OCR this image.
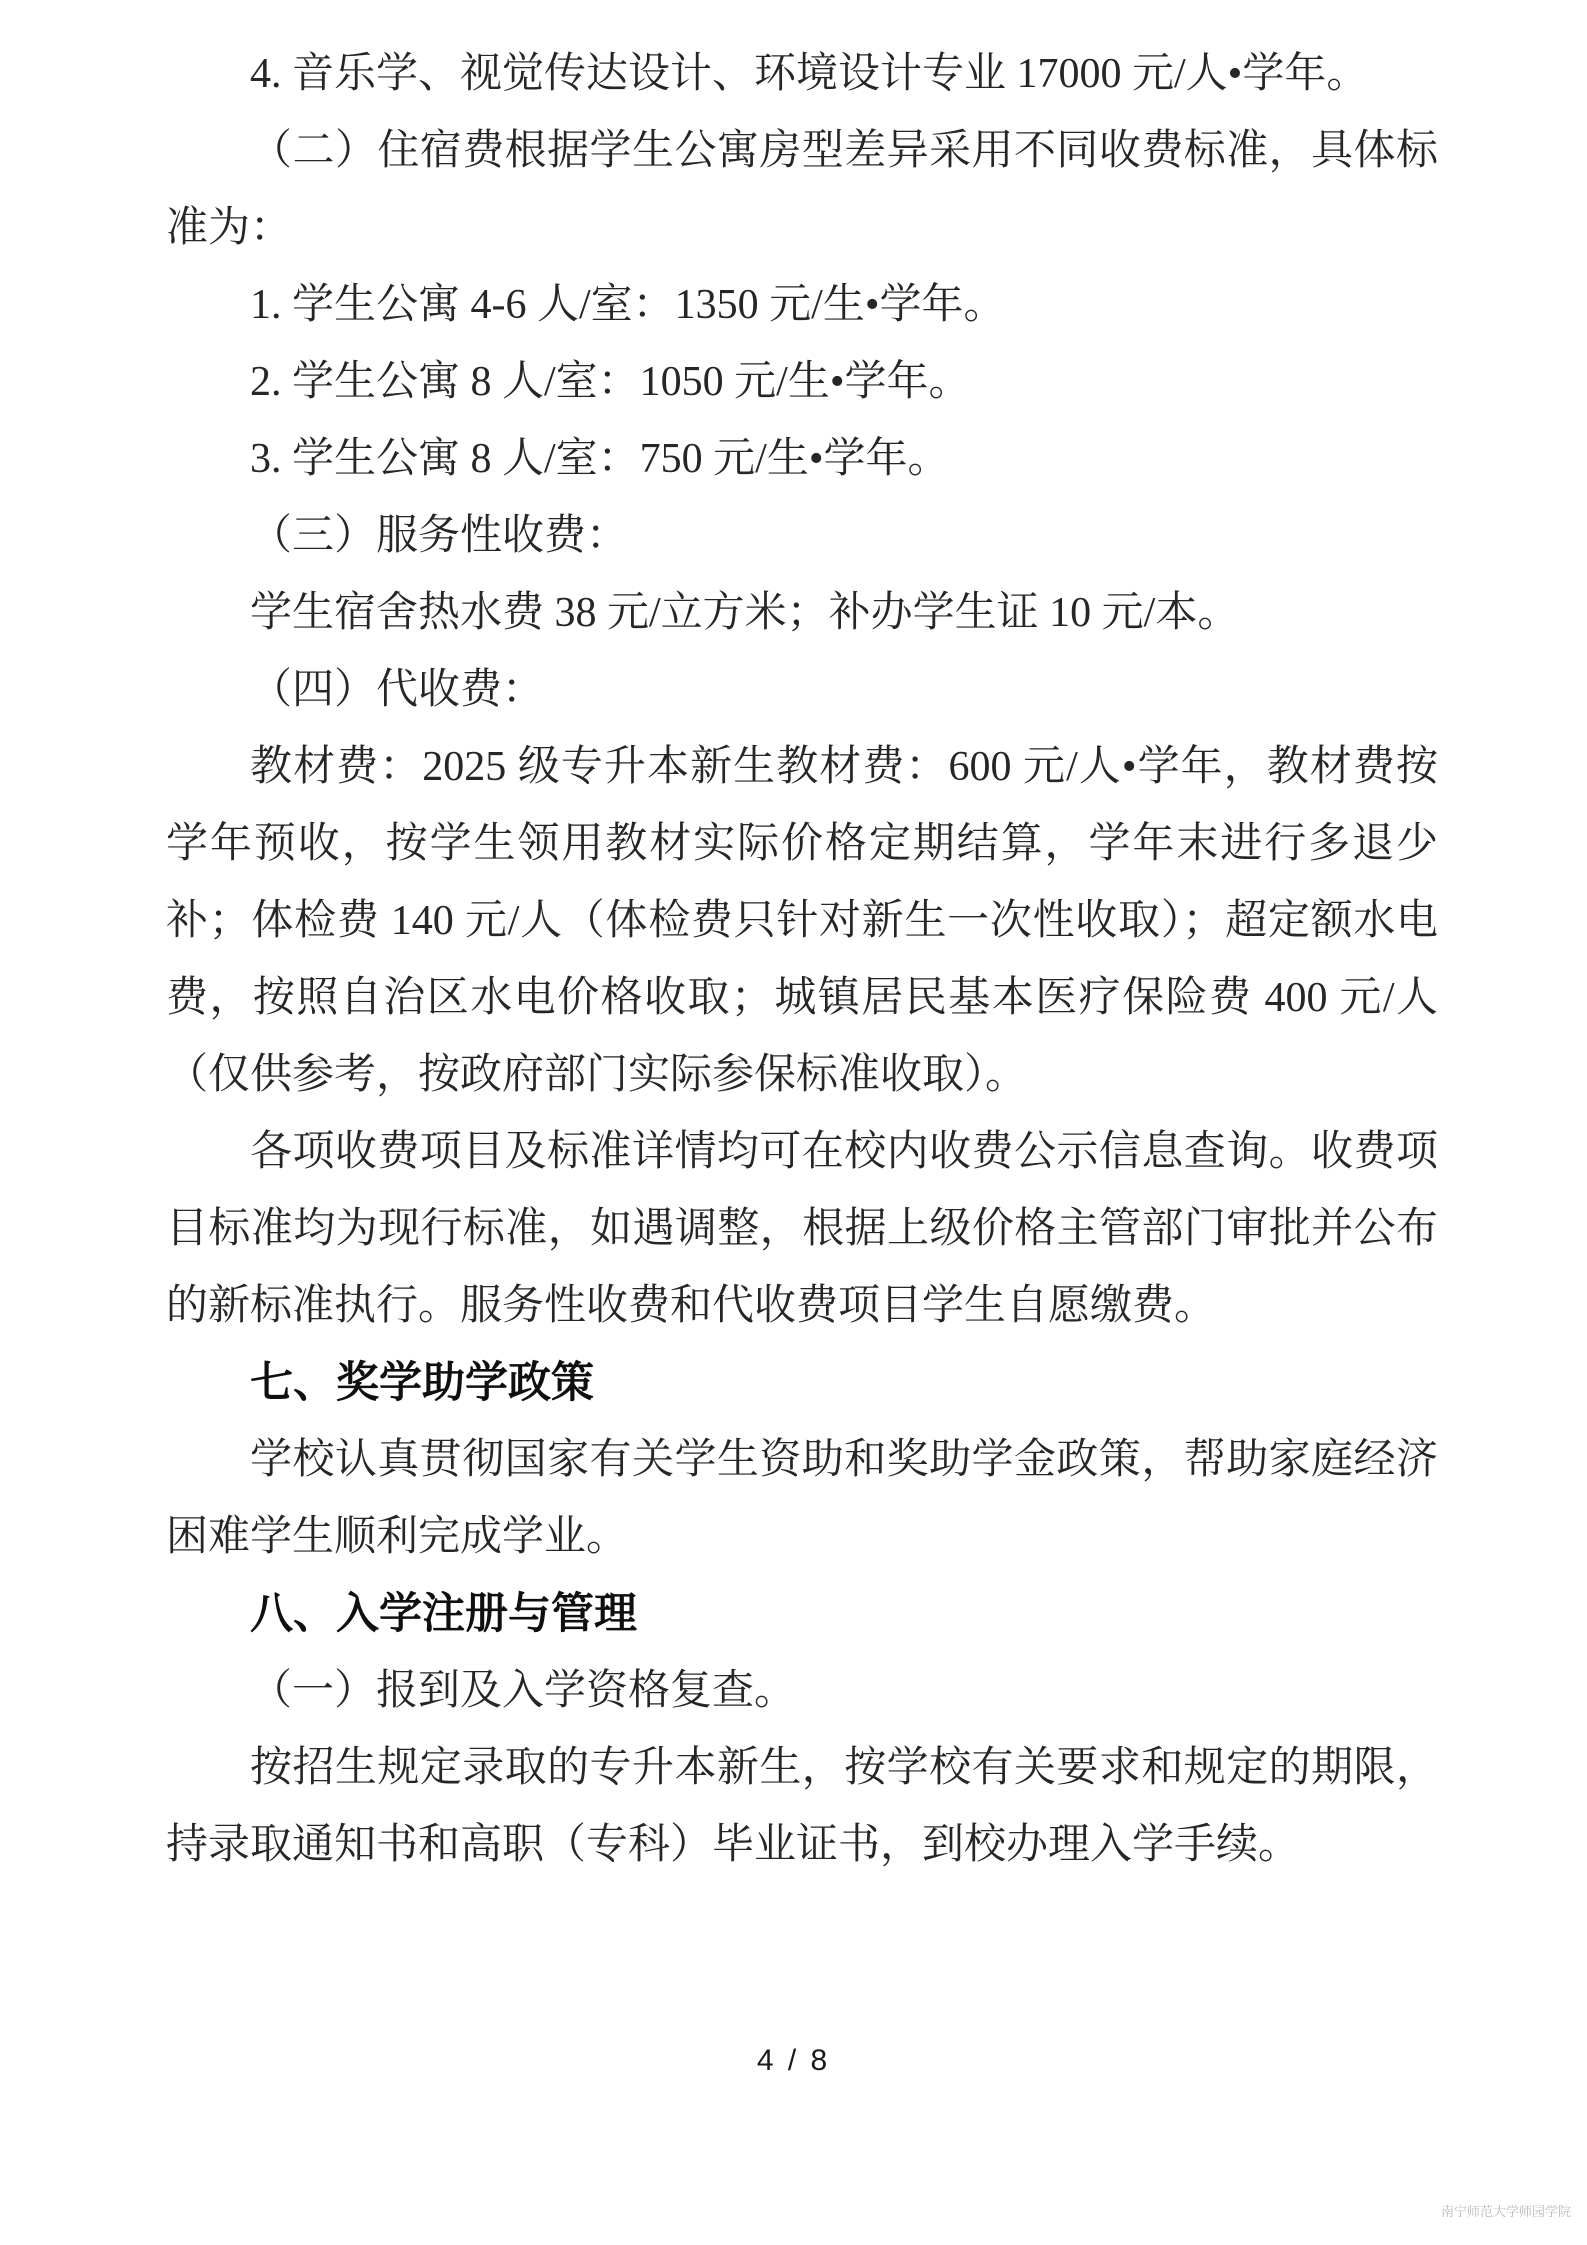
4. 音乐学、视觉传达设计、环境设计专业 17000 元/人•学年。

（二）住宿费根据学生公寓房型差异采用不同收费标准，具体标准为：

1. 学生公寓 4-6 人/室：1350 元/生•学年。

2. 学生公寓 8 人/室：1050 元/生•学年。

3. 学生公寓 8 人/室：750 元/生•学年。

（三）服务性收费：

学生宿舍热水费 38 元/立方米；补办学生证 10 元/本。

（四）代收费：

教材费：2025 级专升本新生教材费：600 元/人•学年，教材费按学年预收，按学生领用教材实际价格定期结算，学年末进行多退少补；体检费 140 元/人（体检费只针对新生一次性收取）；超定额水电费，按照自治区水电价格收取；城镇居民基本医疗保险费 400 元/人（仅供参考，按政府部门实际参保标准收取）。

各项收费项目及标准详情均可在校内收费公示信息查询。收费项目标准均为现行标准，如遇调整，根据上级价格主管部门审批并公布的新标准执行。服务性收费和代收费项目学生自愿缴费。

七、奖学助学政策

学校认真贯彻国家有关学生资助和奖助学金政策，帮助家庭经济困难学生顺利完成学业。

八、入学注册与管理

（一）报到及入学资格复查。

按招生规定录取的专升本新生，按学校有关要求和规定的期限，持录取通知书和高职（专科）毕业证书，到校办理入学手续。

4 / 8
南宁师范大学师园学院
